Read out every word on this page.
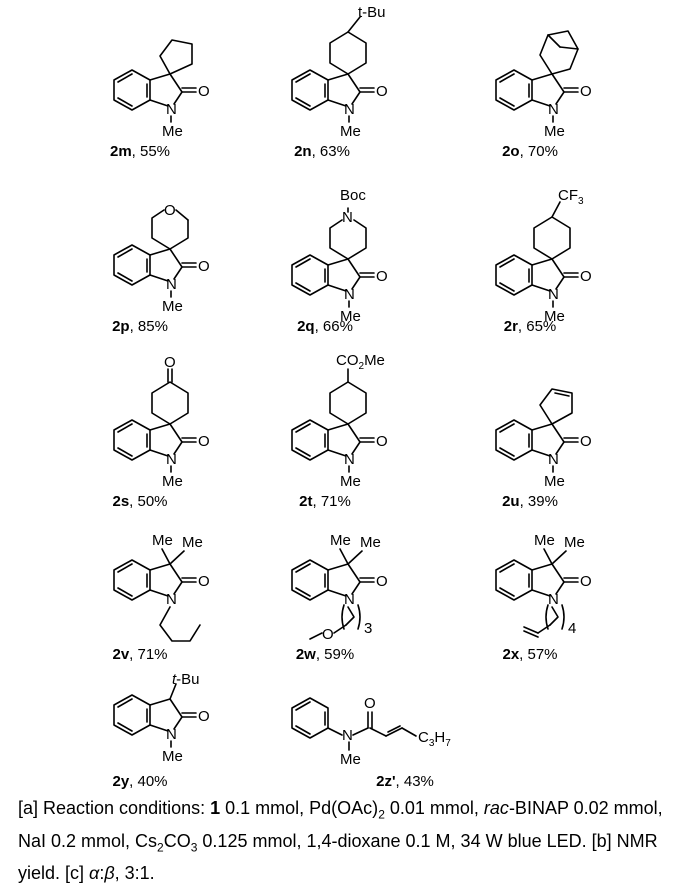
O
N
Me
2m, 55%
O
N
Me
t-Bu
2n, 63%
O
N
Me
2o, 70%
O
N
Me
O
2p, 85%
O
N
Me
N
Boc
2q, 66%
O
N
Me
$CF_3$
2r, 65%
O
N
Me
O
2s, 50%
O
N
Me
$CO_2Me$
2t, 71%
O
N
Me
2u, 39%
O
N
Me Me
2v, 71%
O
N
Me Me
3
O
2w, 59%
O
N
Me Me
4
2x, 57%
O
N
Me
t-Bu
N
Me
O
$C_3H_7$
2y, 40%	2z', 43%
[a] Reaction conditions: 1 0.1 mmol, $Pd(OAc)_2$ 0.01 mmol, rac-BINAP 0.02 mmol, NaI 0.2 mmol, $Cs_2CO_3$ 0.125 mmol, 1,4-dioxane 0.1 M, 34 W blue LED. [b] NMR yield. [c] α:β, 3:1.
